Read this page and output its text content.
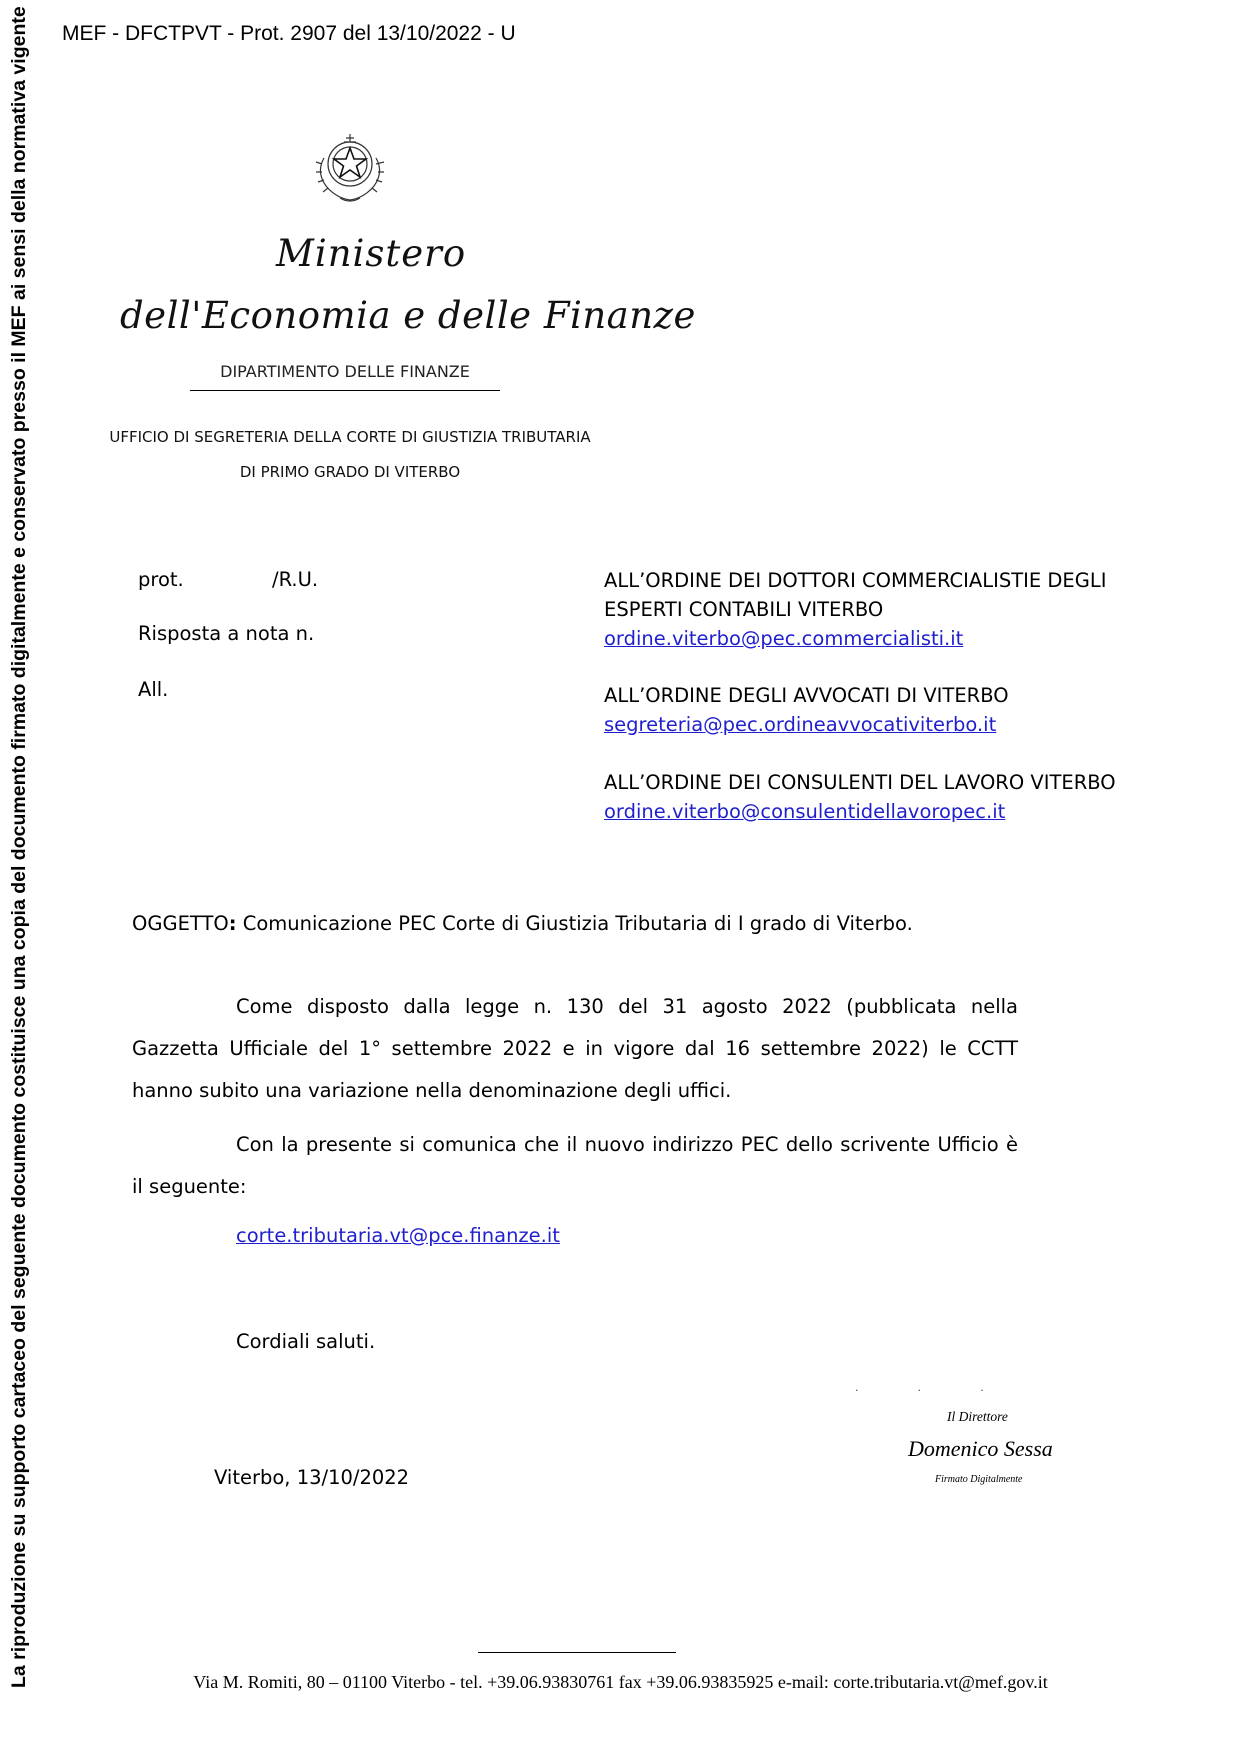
MEF - DFCTPVT - Prot. 2907 del 13/10/2022 - U
La riproduzione su supporto cartaceo del seguente documento costituisce una copia del documento firmato digitalmente e conservato presso il MEF ai sensi della normativa vigente	Ministero
dell'Economia e delle Finanze
DIPARTIMENTO DELLE FINANZE
UFFICIO DI SEGRETERIA DELLA CORTE DI GIUSTIZIA TRIBUTARIA
DI PRIMO GRADO DI VITERBO
prot.	/R.U.
Risposta a nota n.
All.
ALL’ORDINE DEI DOTTORI COMMERCIALISTIE DEGLI
ESPERTI CONTABILI VITERBO
ordine.viterbo@pec.commercialisti.it
ALL’ORDINE DEGLI AVVOCATI DI VITERBO
segreteria@pec.ordineavvocativiterbo.it
ALL’ORDINE DEI CONSULENTI DEL LAVORO VITERBO
ordine.viterbo@consulentidellavoropec.it
OGGETTO: Comunicazione PEC Corte di Giustizia Tributaria di I grado di Viterbo.
Come disposto dalla legge n. 130 del 31 agosto 2022 (pubblicata nella Gazzetta Ufficiale del 1° settembre 2022 e in vigore dal 16 settembre 2022) le CCTT hanno subito una variazione nella denominazione degli uffici.
Con la presente si comunica che il nuovo indirizzo PEC dello scrivente Ufficio è il seguente:
corte.tributaria.vt@pce.finanze.it
Cordiali saluti.
Viterbo, 13/10/2022
. . .
Il Direttore
Domenico Sessa
Firmato Digitalmente
Via M. Romiti, 80 – 01100 Viterbo - tel. +39.06.93830761 fax +39.06.93835925 e-mail: corte.tributaria.vt@mef.gov.it
